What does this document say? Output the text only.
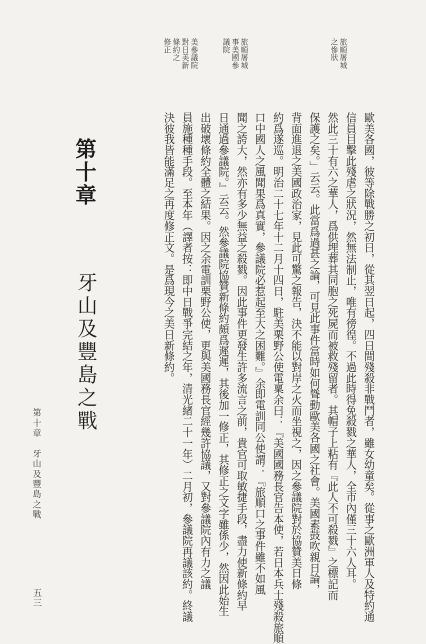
美參議院
對日美新
條約之
修正	旅順屠城
事美國參
議院	旅順屠城
之慘狀
歐美各國，彼等除戰勝之初日，從其翌日起，四日間殘殺非戰鬥者，雖女幼童矣。從事之歐洲軍人及特約通
信員目擊此殘虐之狀況，然無法制止，唯有徬徨。不過此時得免殺戮之華人，全市內僅三十六人耳。
然此三十有六之華人，爲供埋葬其同胞之死屍而被救殘留者。其帽子上粘有『此人不可殺戮』之標記而
保護之矣。」云云。此當爲過甚之論，可見此事件當時如何聳動歐美各國之社會。美國素鼓吹親日論，
背面進退之美國政治家，見此可驚之報告，決不能以對岸之火而坐視之，因之參議院對於協贊美日條
約爲遂巡。明治二十七年十二月十四日，駐美栗野公使電稟余曰：『美國國務長官告本使，若日本兵士殘殺旅順
口中國人之風聞果爲真實，參議院必惹起至大之困難。』余即電訓同公使謂：『旅順口之事件雖不如風
聞之誇大，然亦有多少無益之殺戮。因此事件更發生許多流言之前，貴官可取敏捷手段，盡力使新條約早
日通過參議院。』云云。然參議院協贊新條約頗爲遲遲，其後加一修正，其修正之文字雖係少，然因此始生
出破壞條約全體之結果。因之余電訓栗野公使，更與美國務長官經幾許協議，又對參議院內有力之議
員施種種手段。至本年（譯者按：即中日戰爭完結之年，清光緒二十一年）二月初，參議院再議該約。終議
決彼我皆能滿足之再度修正文。是爲現今之美日新條約。
第十章
牙山及豐島之戰
第十章　牙山及豐島之戰
五三
